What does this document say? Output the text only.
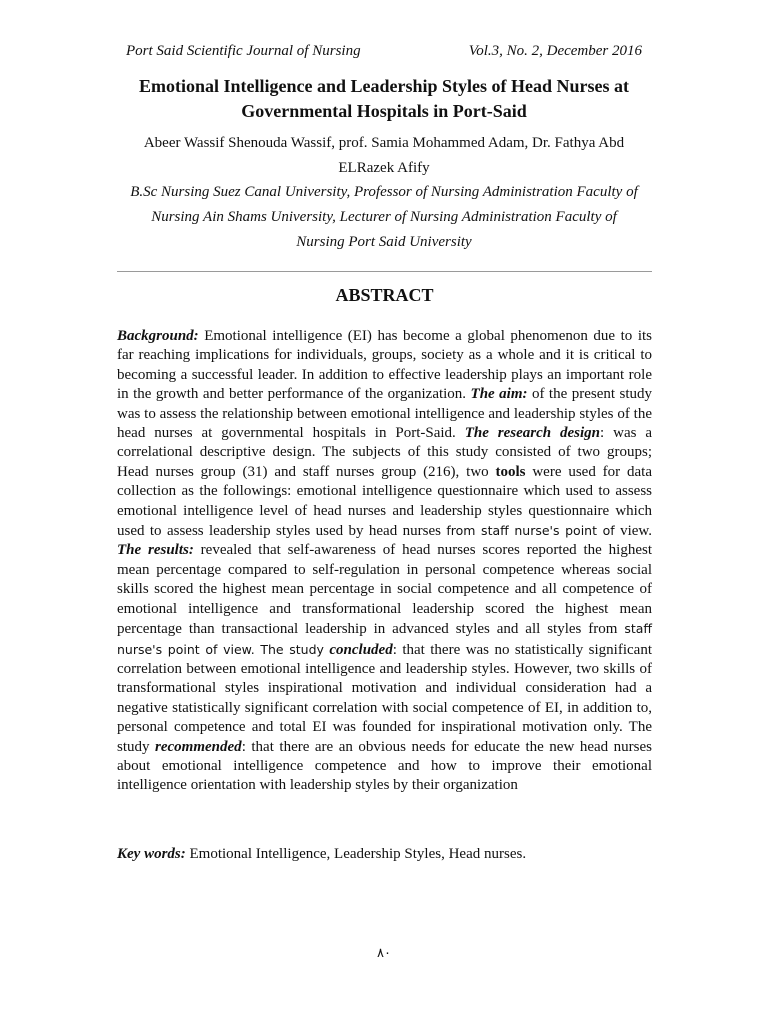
Port Said Scientific Journal of Nursing	Vol.3, No. 2, December 2016
Emotional Intelligence and Leadership Styles of Head Nurses at
Governmental Hospitals in Port-Said
Abeer Wassif Shenouda Wassif, prof. Samia Mohammed Adam, Dr. Fathya Abd
ELRazek Afify
B.Sc Nursing Suez Canal University, Professor of Nursing Administration Faculty of
Nursing Ain Shams University, Lecturer of Nursing Administration Faculty of
Nursing Port Said University
ABSTRACT
Background: Emotional intelligence (EI) has become a global phenomenon due to its far reaching implications for individuals, groups, society as a whole and it is critical to becoming a successful leader. In addition to effective leadership plays an important role in the growth and better performance of the organization. The aim: of the present study was to assess the relationship between emotional intelligence and leadership styles of the head nurses at governmental hospitals in Port-Said. The research design: was a correlational descriptive design. The subjects of this study consisted of two groups; Head nurses group (31) and staff nurses group (216), two tools were used for data collection as the followings: emotional intelligence questionnaire which used to assess emotional intelligence level of head nurses and leadership styles questionnaire which used to assess leadership styles used by head nurses from staff nurse's point of view. The results: revealed that self-awareness of head nurses scores reported the highest mean percentage compared to self-regulation in personal competence whereas social skills scored the highest mean percentage in social competence and all competence of emotional intelligence and transformational leadership scored the highest mean percentage than transactional leadership in advanced styles and all styles from staff nurse's point of view. The study concluded: that there was no statistically significant correlation between emotional intelligence and leadership styles. However, two skills of transformational styles inspirational motivation and individual consideration had a negative statistically significant correlation with social competence of EI, in addition to, personal competence and total EI was founded for inspirational motivation only. The study recommended: that there are an obvious needs for educate the new head nurses about emotional intelligence competence and how to improve their emotional intelligence orientation with leadership styles by their organization
Key words: Emotional Intelligence, Leadership Styles, Head nurses.
٨٠
